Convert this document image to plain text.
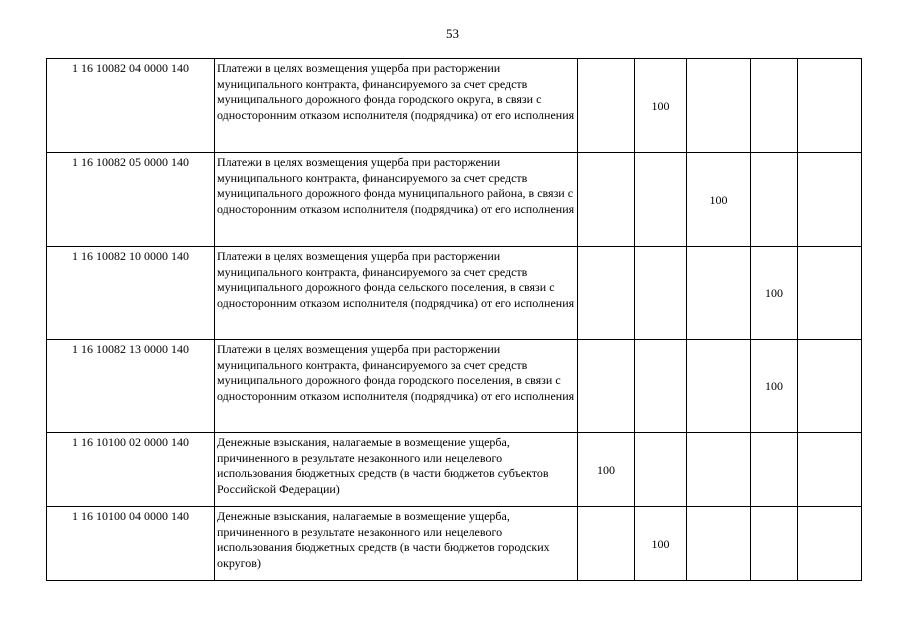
53
1 16 10082 04 0000 140	Платежи в целях возмещения ущерба при расторжении муниципального контракта, финансируемого за счет средств муниципального дорожного фонда городского округа, в связи с односторонним отказом исполнителя (подрядчика) от его исполнения		100			
1 16 10082 05 0000 140	Платежи в целях возмещения ущерба при расторжении муниципального контракта, финансируемого за счет средств муниципального дорожного фонда муниципального района, в связи с односторонним отказом исполнителя (подрядчика) от его исполнения			100		
1 16 10082 10 0000 140	Платежи в целях возмещения ущерба при расторжении муниципального контракта, финансируемого за счет средств муниципального дорожного фонда сельского поселения, в связи с односторонним отказом исполнителя (подрядчика) от его исполнения				100	
1 16 10082 13 0000 140	Платежи в целях возмещения ущерба при расторжении муниципального контракта, финансируемого за счет средств муниципального дорожного фонда городского поселения, в связи с односторонним отказом исполнителя (подрядчика) от его исполнения				100	
1 16 10100 02 0000 140	Денежные взыскания, налагаемые в возмещение ущерба, причиненного в результате незаконного или нецелевого использования бюджетных средств (в части бюджетов субъектов Российской Федерации)	100				
1 16 10100 04 0000 140	Денежные взыскания, налагаемые в возмещение ущерба, причиненного в результате незаконного или нецелевого использования бюджетных средств (в части бюджетов городских округов)		100			
